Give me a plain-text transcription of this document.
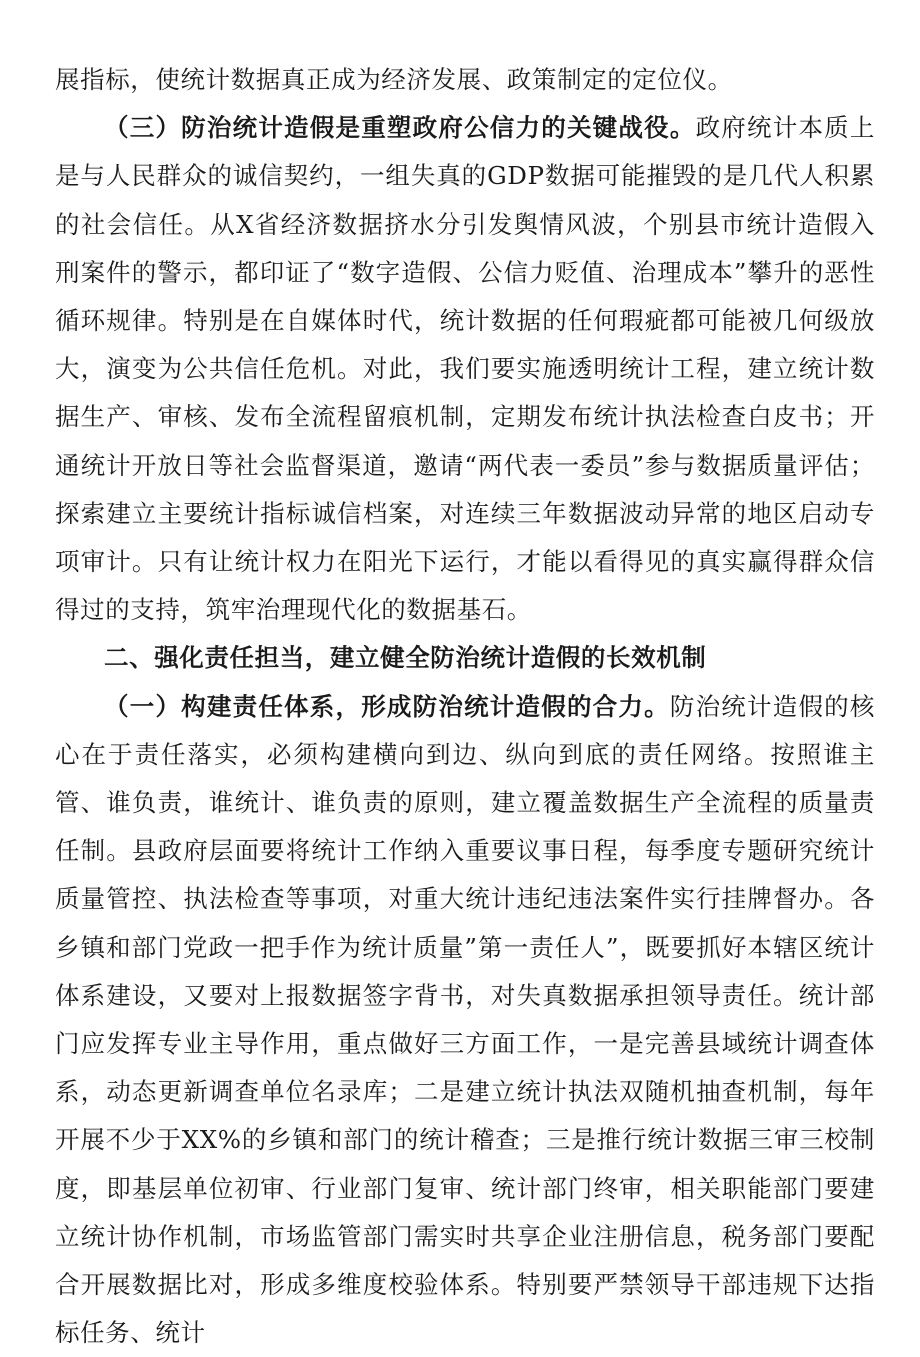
展指标，使统计数据真正成为经济发展、政策制定的定位仪。

（三）防治统计造假是重塑政府公信力的关键战役。政府统计本质上是与人民群众的诚信契约，一组失真的GDP数据可能摧毁的是几代人积累的社会信任。从X省经济数据挤水分引发舆情风波，个别县市统计造假入刑案件的警示，都印证了“数字造假、公信力贬值、治理成本”攀升的恶性循环规律。特别是在自媒体时代，统计数据的任何瑕疵都可能被几何级放大，演变为公共信任危机。对此，我们要实施透明统计工程，建立统计数据生产、审核、发布全流程留痕机制，定期发布统计执法检查白皮书；开通统计开放日等社会监督渠道，邀请“两代表一委员”参与数据质量评估；探索建立主要统计指标诚信档案，对连续三年数据波动异常的地区启动专项审计。只有让统计权力在阳光下运行，才能以看得见的真实赢得群众信得过的支持，筑牢治理现代化的数据基石。

二、强化责任担当，建立健全防治统计造假的长效机制

（一）构建责任体系，形成防治统计造假的合力。防治统计造假的核心在于责任落实，必须构建横向到边、纵向到底的责任网络。按照谁主管、谁负责，谁统计、谁负责的原则，建立覆盖数据生产全流程的质量责任制。县政府层面要将统计工作纳入重要议事日程，每季度专题研究统计质量管控、执法检查等事项，对重大统计违纪违法案件实行挂牌督办。各乡镇和部门党政一把手作为统计质量”第一责任人”，既要抓好本辖区统计体系建设，又要对上报数据签字背书，对失真数据承担领导责任。统计部门应发挥专业主导作用，重点做好三方面工作，一是完善县域统计调查体系，动态更新调查单位名录库；二是建立统计执法双随机抽查机制，每年开展不少于XX%的乡镇和部门的统计稽查；三是推行统计数据三审三校制度，即基层单位初审、行业部门复审、统计部门终审，相关职能部门要建立统计协作机制，市场监管部门需实时共享企业注册信息，税务部门要配合开展数据比对，形成多维度校验体系。特别要严禁领导干部违规下达指标任务、统计
